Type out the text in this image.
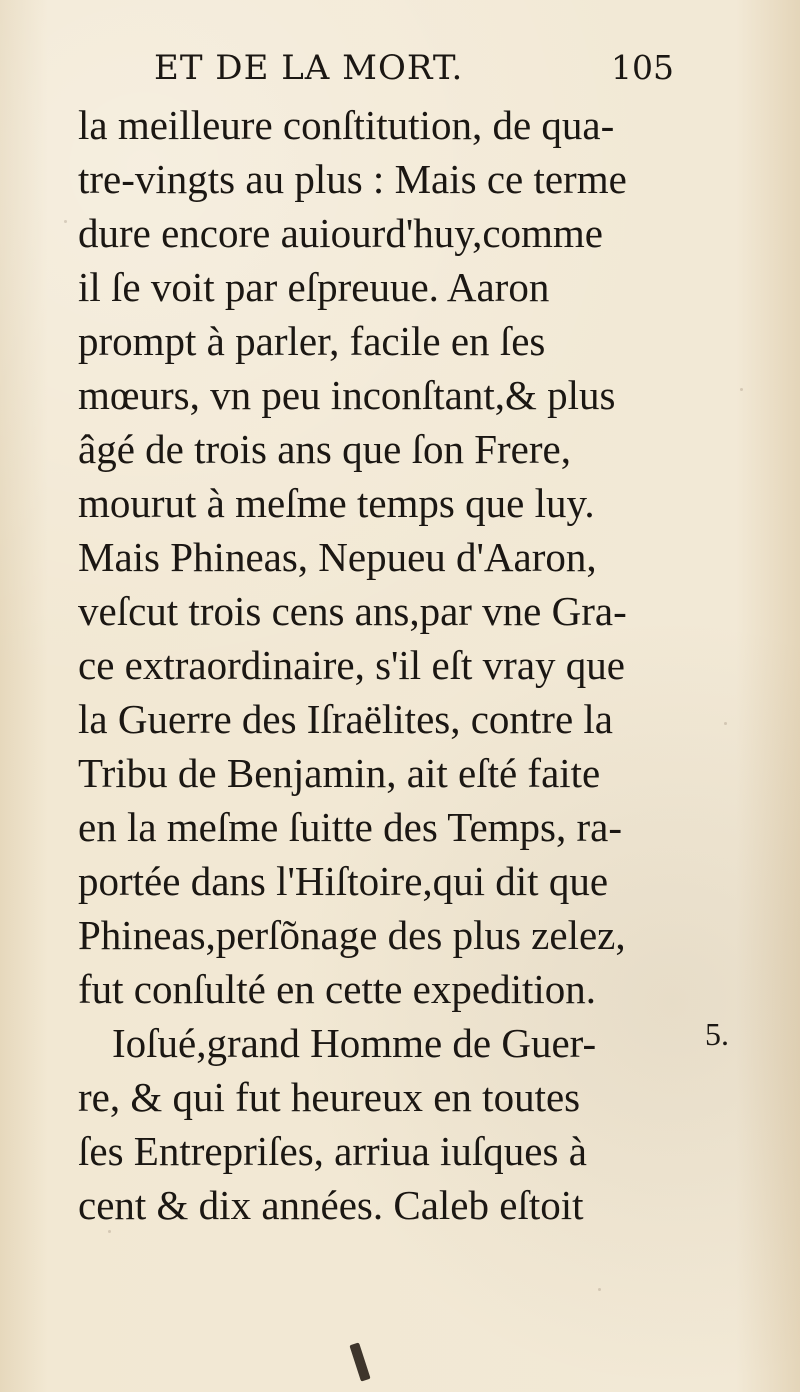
ET DE LA MORT.	105
la meilleure conſtitution, de qua-
tre-vingts au plus : Mais ce terme
dure encore auiourd'huy,comme
il ſe voit par eſpreuue. Aaron
prompt à parler, facile en ſes
mœurs, vn peu inconſtant,& plus
âgé de trois ans que ſon Frere,
mourut à meſme temps que luy.
Mais Phineas, Nepueu d'Aaron,
veſcut trois cens ans,par vne Gra-
ce extraordinaire, s'il eſt vray que
la Guerre des Iſraëlites, contre la
Tribu de Benjamin, ait eſté faite
en la meſme ſuitte des Temps, ra-
portée dans l'Hiſtoire,qui dit que
Phineas,perſõnage des plus zelez,
fut conſulté en cette expedition.
Ioſué,grand Homme de Guer-
re, & qui fut heureux en toutes
ſes Entrepriſes, arriua iuſques à
cent & dix années. Caleb eſtoit
5.
